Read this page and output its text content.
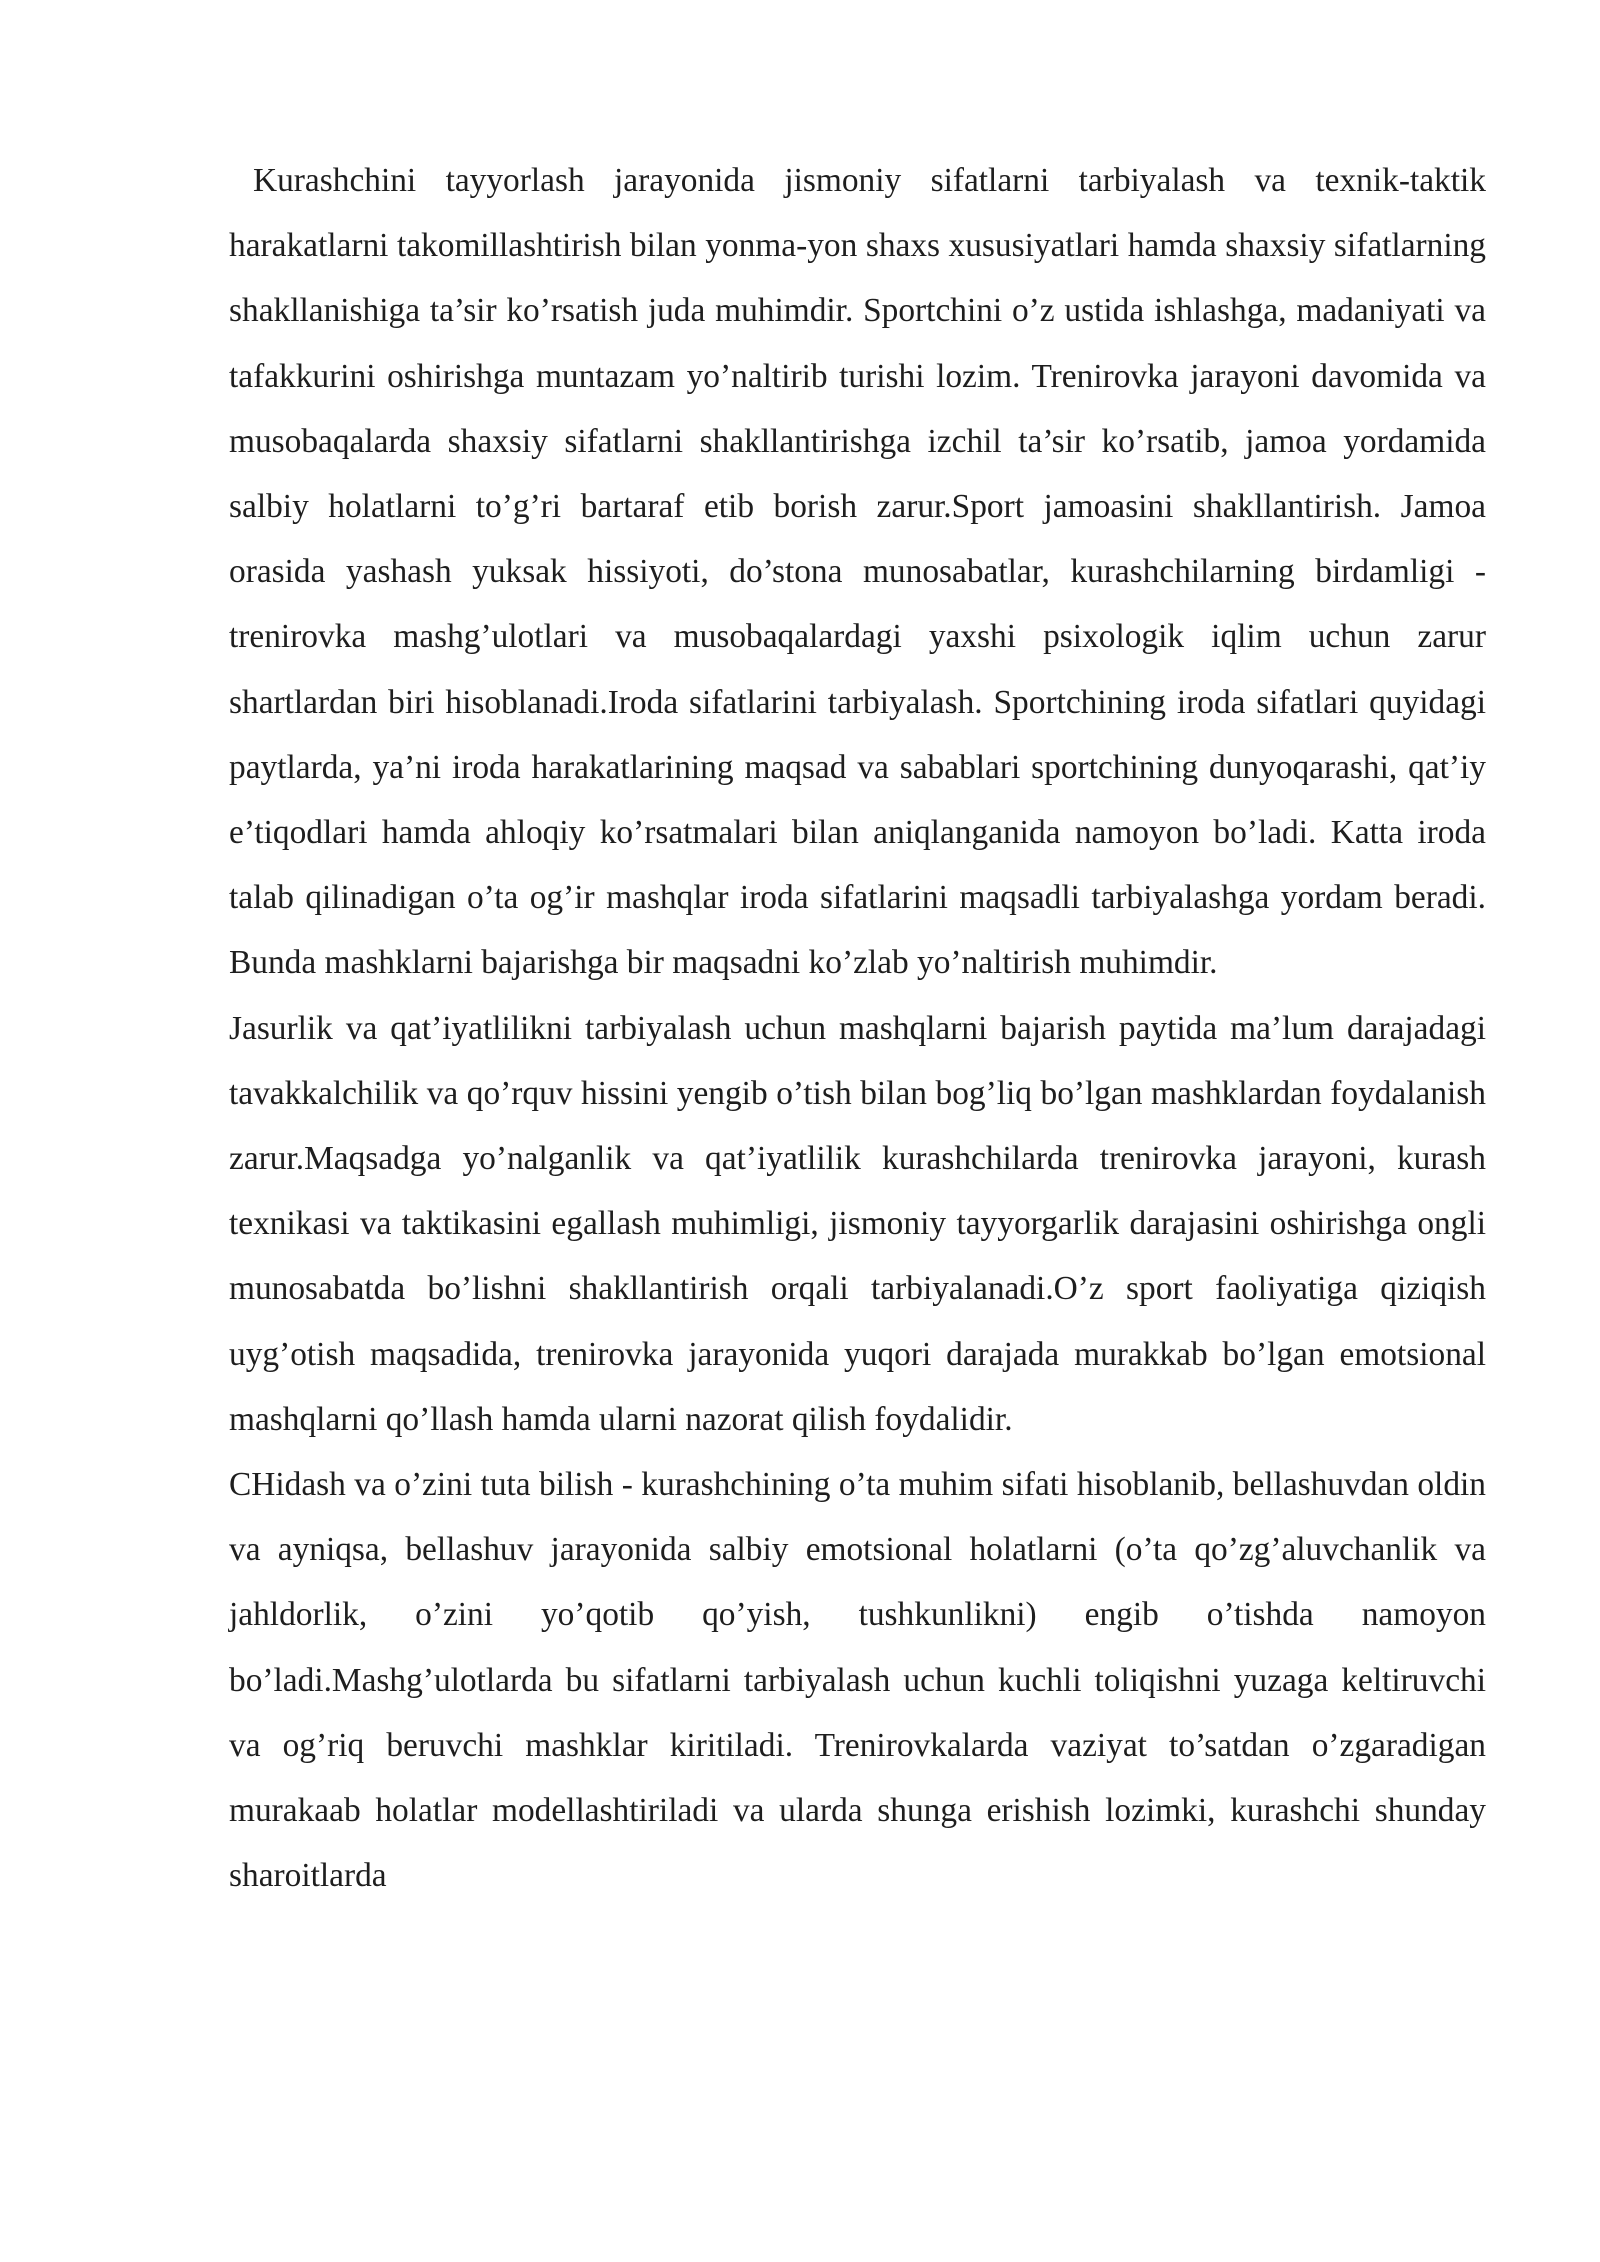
Kurashchini tayyorlash jarayonida jismoniy sifatlarni tarbiyalash va texnik-taktik harakatlarni takomillashtirish bilan yonma-yon shaxs xususiyatlari hamda shaxsiy sifatlarning shakllanishiga ta’sir ko’rsatish juda muhimdir. Sportchini o’z ustida ishlashga, madaniyati va tafakkurini oshirishga muntazam yo’naltirib turishi lozim. Trenirovka jarayoni davomida va musobaqalarda shaxsiy sifatlarni shakllantirishga izchil ta’sir ko’rsatib, jamoa yordamida salbiy holatlarni to’g’ri bartaraf etib borish zarur.Sport jamoasini shakllantirish. Jamoa orasida yashash yuksak hissiyoti, do’stona munosabatlar, kurashchilarning birdamligi - trenirovka mashg’ulotlari va musobaqalardagi yaxshi psixologik iqlim uchun zarur shartlardan biri hisoblanadi.Iroda sifatlarini tarbiyalash. Sportchining iroda sifatlari quyidagi paytlarda, ya’ni iroda harakatlarining maqsad va sabablari sportchining dunyoqarashi, qat’iy e’tiqodlari hamda ahloqiy ko’rsatmalari bilan aniqlanganida namoyon bo’ladi. Katta iroda talab qilinadigan o’ta og’ir mashqlar iroda sifatlarini maqsadli tarbiyalashga yordam beradi. Bunda mashklarni bajarishga bir maqsadni ko’zlab yo’naltirish muhimdir.

Jasurlik va qat’iyatlilikni tarbiyalash uchun mashqlarni bajarish paytida ma’lum darajadagi tavakkalchilik va qo’rquv hissini yengib o’tish bilan bog’liq bo’lgan mashklardan foydalanish zarur.Maqsadga yo’nalganlik va qat’iyatlilik kurashchilarda trenirovka jarayoni, kurash texnikasi va taktikasini egallash muhimligi, jismoniy tayyorgarlik darajasini oshirishga ongli munosabatda bo’lishni shakllantirish orqali tarbiyalanadi.O’z sport faoliyatiga qiziqish uyg’otish maqsadida, trenirovka jarayonida yuqori darajada murakkab bo’lgan emotsional mashqlarni qo’llash hamda ularni nazorat qilish foydalidir.

CHidash va o’zini tuta bilish - kurashchining o’ta muhim sifati hisoblanib, bellashuvdan oldin va ayniqsa, bellashuv jarayonida salbiy emotsional holatlarni (o’ta qo’zg’aluvchanlik va jahldorlik, o’zini yo’qotib qo’yish, tushkunlikni) engib o’tishda namoyon bo’ladi.Mashg’ulotlarda bu sifatlarni tarbiyalash uchun kuchli toliqishni yuzaga keltiruvchi va og’riq beruvchi mashklar kiritiladi. Trenirovkalarda vaziyat to’satdan o’zgaradigan murakaab holatlar modellashtiriladi va ularda shunga erishish lozimki, kurashchi shunday sharoitlarda
